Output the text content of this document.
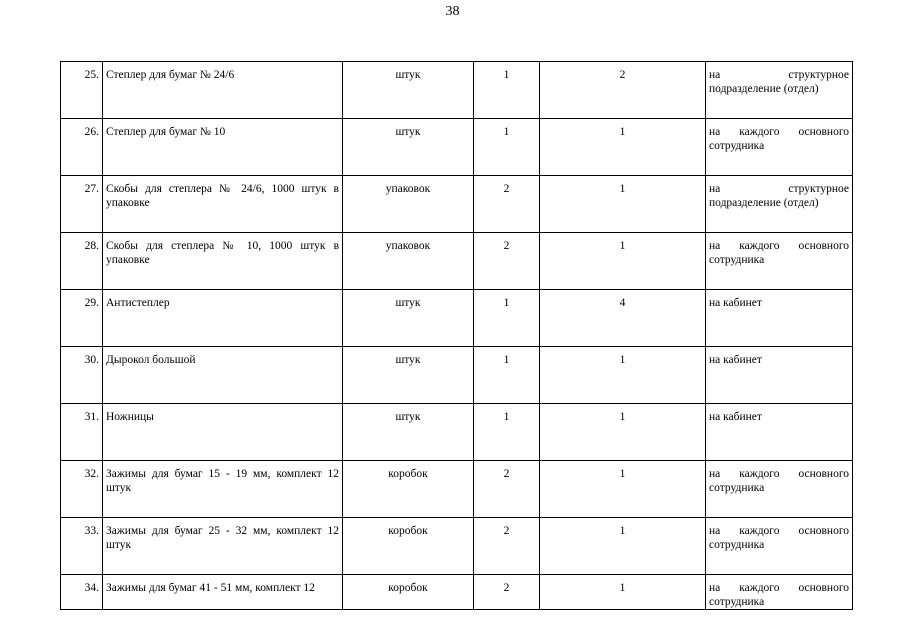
38
25.	Степлер для бумаг № 24/6	штук	1	2	на структурное подразделение (отдел)
26.	Степлер для бумаг № 10	штук	1	1	на каждого основного сотрудника
27.	Скобы для степлера № 24/6, 1000 штук в упаковке	упаковок	2	1	на структурное подразделение (отдел)
28.	Скобы для степлера № 10, 1000 штук в упаковке	упаковок	2	1	на каждого основного сотрудника
29.	Антистеплер	штук	1	4	на кабинет
30.	Дырокол большой	штук	1	1	на кабинет
31.	Ножницы	штук	1	1	на кабинет
32.	Зажимы для бумаг 15 - 19 мм, комплект 12 штук	коробок	2	1	на каждого основного сотрудника
33.	Зажимы для бумаг 25 - 32 мм, комплект 12 штук	коробок	2	1	на каждого основного сотрудника
34.	Зажимы для бумаг 41 - 51 мм, комплект 12	коробок	2	1	на каждого основного сотрудника
